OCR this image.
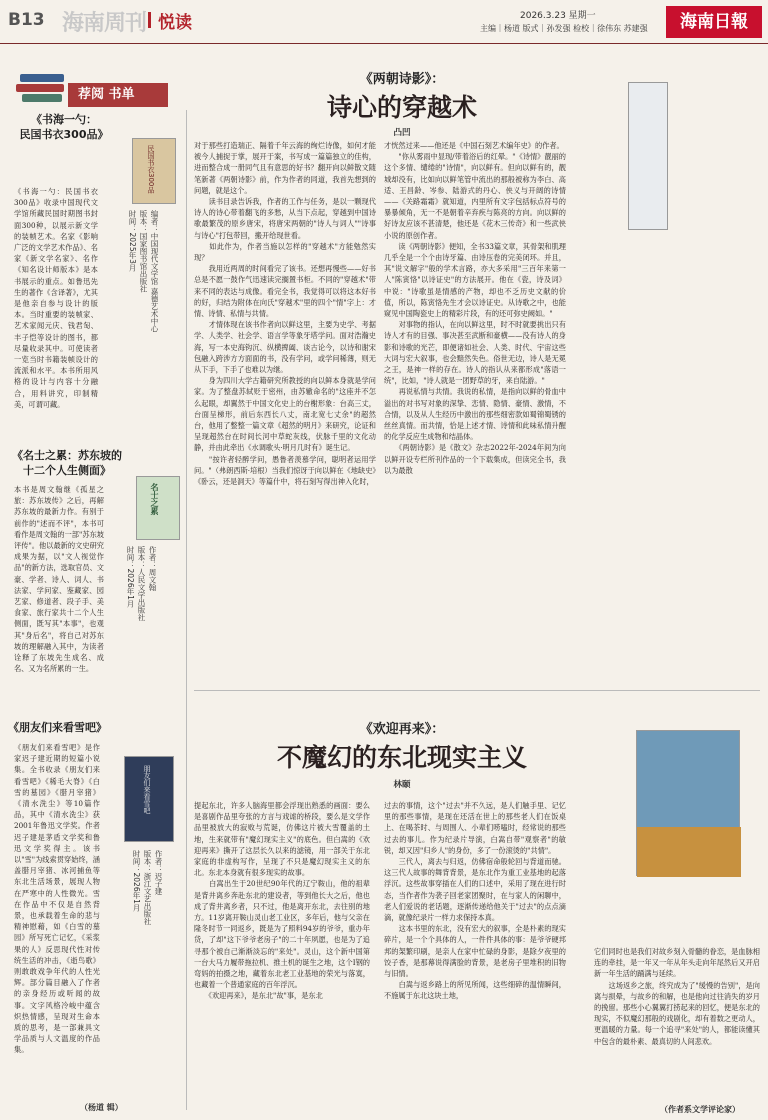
B13 海南周刊 悦读	2026.3.23 星期一
主编｜杨道 版式｜孙发强 检校｜徐伟东 苏建强	海南日報
荐阅 书单
《书海一勺：
民国书衣300品》
民国书衣300品
编者：中国现代文学馆 嘉德艺术中心
版本：国家图书馆出版社
时间：2025年3月
《书海一勺：民国书衣300品》收录中国现代文学馆所藏民国时期图书封面300种，以展示新文学的装帧艺术。名家《影响广泛的文学艺术作品》、名家《新文学名家》、名作《知名设计师版本》是本书展示的重点。如鲁迅先生的著作《含译著》，尤其是他亲自参与设计的版本。当时重要的装帧家、艺术家闻元庆、钱君匋、丰子恺等设计的图书，都尽量收录其中。可使读者一览当时书籍装帧设计的流派和水平。本书所用风格的设计与内容十分融合，用料讲究，印制精美，可谓可藏。
《名士之累：苏东坡的
十二个人生侧面》
名士之累
作者：周文翰
版本：人民文学出版社
时间：2026年1月
本书是周文翰继《孤星之旅：苏东坡传》之后，再解苏东坡的最新力作。有别于前作的"述而不评"，本书可看作是周文翰的一部"苏东坡评传"。他以最新的文史研究成果为据，以"文人视觉作品"的新方法，选取官员、文豪、学者、诗人、词人、书法家、学问家、鉴藏家、园艺家、修道者、段子手、美食家、旅行家共十二个人生侧面，既写其"本事"，也观其"身后名"，将自己对苏东坡的理解融入其中，为读者诠释了东坡先生成名、成名、又为名所累的一生。
《朋友们来看雪吧》
朋友们来看雪吧
作者：迟子建
版本：浙江文艺出版社
时间：2026年1月
《朋友们来看雪吧》是作家迟子建近期的短篇小说集。全书收录《朋友们来看雪吧》《稀毛大脊》《白雪的墓园》《腊月宰猪》《清水洗尘》等10篇作品，其中《清水洗尘》获2001年鲁迅文学奖。作者迟子建是茅盾文学奖和鲁迅文学奖得主。该书以"雪"为线索贯穿始终，涵盖腊月宰猪、冰河捕鱼等东北生活场景，展现人物在严寒中的人性微光。雪在作品中不仅是自然背景，也承载着生命的悲与精神慰藉，如《白雪的墓园》所写死亡记忆，《采浆果的人》反思现代性对传统生活的冲击，《逝鸟歌》则敢敢戏争年代的人性光辉。部分篇目融入了作者的亲身经历或听闻的故事。文字风格冷峻中蕴含炽热情感，呈现对生命本质的思考，是一部兼具文学品质与人文温度的作品集。
（杨道 辑）
《两朝诗影》：
诗心的穿越术
凸凹
对于那些打造瑞正、隔着千年云海的绚烂诗像，如何才能被今人捕捉于掌，展开于案，书写成一篇篇独立的佳构，进而整合成一册同气且有意思的好书？翻开向以鲜散文随笔新著《两朝诗影》前，作为作者的同道，我首先想到的问题，就是这个。
　　读书目录告诉我，作者的工作与任务，是以一颗现代诗人的诗心带着翻飞的多愁，从当下点起，穿越到中国诗歌最繁茂的原乡唐宋，将唐宋两朝的"诗人与词人""诗事与诗心"打包带回，搬开给现世看。
　　如此作为，作者当施以怎样的"穿越术"方能勉然实现？
　　我用近两周的时间看完了该书。还想再慢些——好书总是不愿一鼓作气迅速读完搁置书柜。不同的"穿越术"带来不同的表达与成像。看完全书，我觉得可以将这本好书的好，归结为附体在向氏"穿越术"里的四个"情"字上：才情、诗情、私情与共情。
　　才情体现在该书作者向以鲜这里，主要为史学、考据学、人类学、社会学、语言学等象牙塔学问。面对浩瀚史海，写一本史海钩沉、纵横捭阖、谈古论今，以诗和谢宋包融入跨涉方方面面的书，没有学问，或学问稀薄，则无从下手，下手了也难以为继。
　　身为四川大学古籍研究所教授的向以鲜本身就是学问家。为了整盘苏轼贬于密州，由苏辙命名的"这座并不怎么起眼，却翼然于中国文化史上的台榭形象：台高三丈，台面呈梯形，前后东西长八丈，南北宽七丈余"的超然台，他用了整整一篇文章《超然的明月》来研究，论证和呈现超然台在时间长河中草蛇灰线，伏脉千里的文化动静，并由此牵出《水调歌头·明月几时有》诞生记。
　　"按许者轻醉学问，愚鲁者羡慕学问，聪明者运用学问。"（弗朗西斯·培根）当我们惊讶于向以鲜在《地缺史》《卧云，还是洞天》等篇什中，将石刻写得出神入化时，
才恍然过来——他还是《中国石刻艺术编年史》的作者。
　　"你从雾雨中显现/带着浴后的红晕。"《诗情》靓丽的这个多情、缱绻的"诗情"，向以鲜有。但向以鲜有的，靓城却没有，比如向以鲜笔管中流出的那般被称为李白、高适、王昌龄、岑参、陆游式的丹心、侠义与开阔的诗情——《关路霜霜》就知道，内里所有文字包括标点符号的暴暴倾角，无一不是朝着辛弃疾与陈亮的方向。向以鲜的好诗友应该不甚清楚，他还是《花木三传奇》和一些武侠小说的原创作者。
　　读《两朝诗影》便知，全书33篇文章，其骨架和肌理几乎全是一个个由诗牙篇、由诗压卷的完美闭环。并且，其"说文解字"般的学术言路，亦大多采用"三百年来第一人"陈寅恪"以诗证史"的方法展开。他在《瓷，诗及词》中说："诗歌虽是情感的产物，却也不乏历史文献的价值，所以，陈寅恪先生才会以诗证史。从诗歌之中，也能窥见中国陶瓷史上的精彩片段，有的还可弥史阙如。"
　　对事物的指认，在向以鲜这里，时不时就要挑出只有诗人才有的目强、事决甚至武断和豪横——没有诗人的身影和诗歌的光芒，即便诸如社会、人类、时代、宇宙这些大词与宏大叙事，也会黯然失色。俗世无边，诗人是无冕之王，是神一样的存在。诗人的指认从来都形成"落语一统"，比如，"诗人就是一团野草的牙，来自陆游。"
　　再说私情与共情。我说的私情，是指向以鲜的骨血中溢出的对书写对象的深挚、恋情、隐情、豪情、激情，不合情，以及从人生经历中激出的那些细密款如蜀锦蜀锈的丝丝真情。而共情，恰是上述才情、诗情和此味私情升醒的化学反应生成物和结晶体。
　　《两朝诗影》是《散文》杂志2022年-2024年间为向以鲜开设专栏所刊作品的一个下载集成，但读完全书，我以为最散
《欢迎再来》：
不魔幻的东北现实主义
林颐
提起东北，许多人脑海里都会浮现出熟悉的画面：要么是喜剧作品里夸张的方言与戏谑的桥段，要么是文学作品里被放大的寂败与荒诞，仿佛这片被大雪覆盖的土地，生来就带有"魔幻现实主义"的底色。但白嵩的《欢迎再来》撕开了这层长久以来的滤镜，用一部关于东北家庭的非虚构写作，呈现了不只是魔幻现实主义的东北。东北本身就有很多现实的故事。
　　白嵩出生于20世纪90年代的辽宁鞍山，他的祖辈是背井离乡奔赴东北的建设者，等到他长大之后，他也成了背井离乡者，只不过，他是离开东北，去往别的地方。11岁离开鞍山灵山老工业区，多年后，他与父亲在隆冬时节一同返乡，既是为了照料94岁的爷爷，重办年货，了却"这下爷爷老房子"的二十年夙愿，也是为了追寻那个被自己渐渐淡忘的"来处"。灵山，这个新中国第一台大马力履带拖拉机、推土机的诞生之地，这个Ⅰ钢的弯妈的拍摄之地，藏着东北老工业基地的荣光与落寞，也藏着一个普通家庭的百年浮沉。
　　《欢迎再来》，是东北"故"事，是东北
过去的事情，这个"过去"并不久远，是人们触手里、记忆里的那些事情，是现在还活在世上的那些老人们在饭桌上、在喝茶时、与周围人、小辈们唠嗑时，经常说的那些过去的事儿。作为纪录片导演，白嵩自带"观察者"的敏锐，却又因"归乡人"的身份，多了一份滚烫的"共情"。
　　三代人，离去与归返，仿佛宿命般轮回与背道而驰。这三代人故事的舞背背景，是东北作为重工业基地的起落浮沉。这些故事穿插在人们的口述中，采用了现在进行时态，当作者作为袭子回老家团聚时，在与家人的闲聊中，老人们爱说的老话题，逐渐传递给他关于"过去"的点点滴滴，就像纪录片一样力求保持本真。
　　这本书里的东北，没有宏大的叙事，全是朴素的现实碎片，是一个个具体的人，一件件具体的事：是爷爷硬邦邦的架繁印刷，是亲人在家中忙碌的身影，是除夕夜里的饺子香，是那幕说得满脸的背景，是老房子里堆积的旧物与旧情。
　　白嵩与返乡路上的所见所闻，这些细碎的温情瞬间，不施属于东北这块土地，
它们同时也是我们对故乡刻入骨髓的眷恋，是血脉相连的牵挂，是一年又一年从年头走向年尾然后又开启新一年生活的踊满与延续。
　　这场返乡之旅，终究成为了"缓慢的告别"，是向离与损晕，与故乡的和解，也是他向过往消失的岁月的挽留。那些小心翼翼打捞起来的回忆，便是东北的现实，不似魔幻那般的戏剧化，却有着数之更动人，更温暖的力量。每一个追寻"来处"的人，都能读懂其中包含的最朴素、最真切的人间悲欢。
（作者系文学评论家）
